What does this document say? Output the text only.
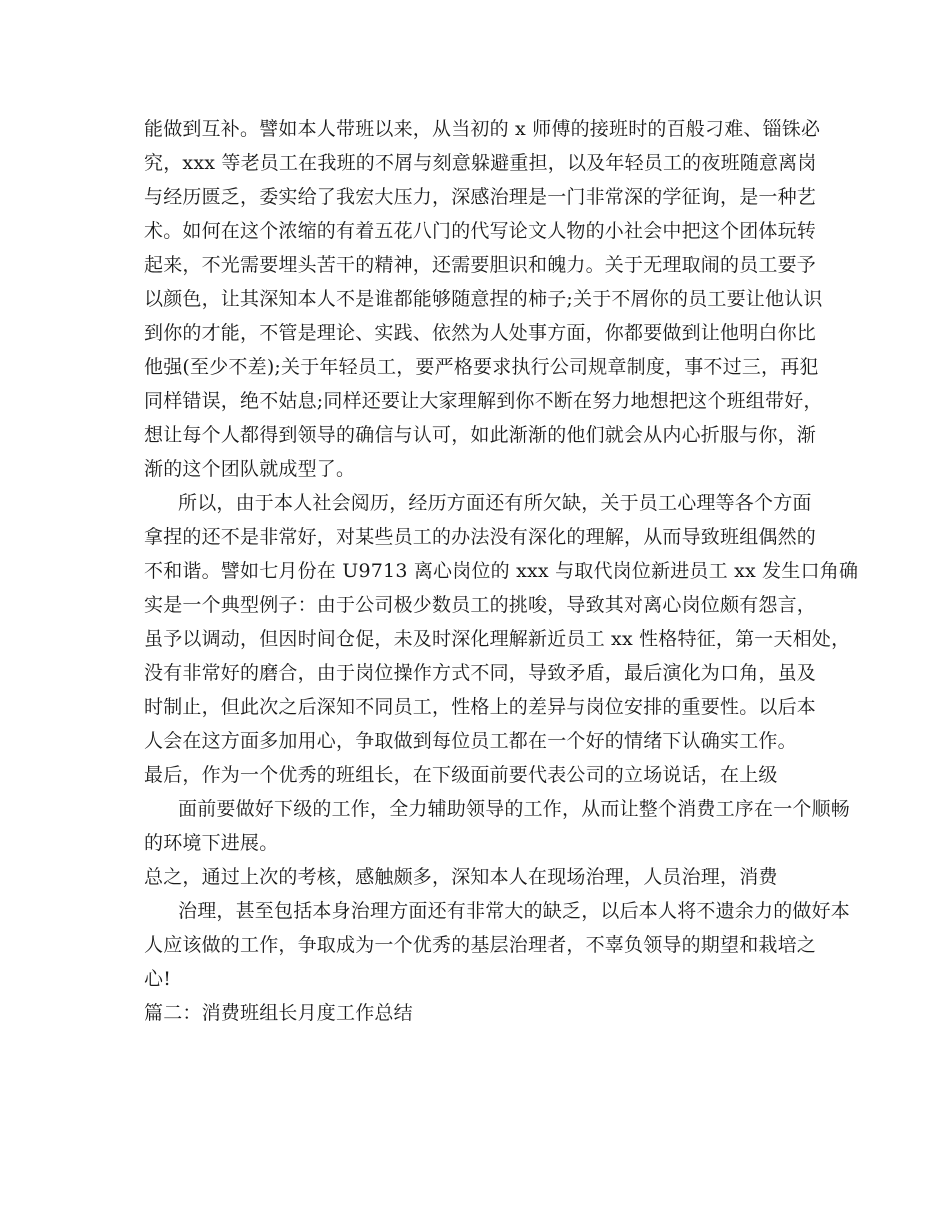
能做到互补。譬如本人带班以来，从当初的 x 师傅的接班时的百般刁难、锱铢必
究，xxx 等老员工在我班的不屑与刻意躲避重担，以及年轻员工的夜班随意离岗
与经历匮乏，委实给了我宏大压力，深感治理是一门非常深的学征询，是一种艺
术。如何在这个浓缩的有着五花八门的代写论文人物的小社会中把这个团体玩转
起来，不光需要埋头苦干的精神，还需要胆识和魄力。关于无理取闹的员工要予
以颜色，让其深知本人不是谁都能够随意捏的柿子;关于不屑你的员工要让他认识
到你的才能，不管是理论、实践、依然为人处事方面，你都要做到让他明白你比
他强(至少不差);关于年轻员工，要严格要求执行公司规章制度，事不过三，再犯
同样错误，绝不姑息;同样还要让大家理解到你不断在努力地想把这个班组带好，
想让每个人都得到领导的确信与认可，如此渐渐的他们就会从内心折服与你，渐
渐的这个团队就成型了。
所以，由于本人社会阅历，经历方面还有所欠缺，关于员工心理等各个方面
拿捏的还不是非常好，对某些员工的办法没有深化的理解，从而导致班组偶然的
不和谐。譬如七月份在 U9713 离心岗位的 xxx 与取代岗位新进员工 xx 发生口角确
实是一个典型例子：由于公司极少数员工的挑唆，导致其对离心岗位颇有怨言，
虽予以调动，但因时间仓促，未及时深化理解新近员工 xx 性格特征，第一天相处，
没有非常好的磨合，由于岗位操作方式不同，导致矛盾，最后演化为口角，虽及
时制止，但此次之后深知不同员工，性格上的差异与岗位安排的重要性。以后本
人会在这方面多加用心，争取做到每位员工都在一个好的情绪下认确实工作。
最后，作为一个优秀的班组长，在下级面前要代表公司的立场说话，在上级
面前要做好下级的工作，全力辅助领导的工作，从而让整个消费工序在一个顺畅
的环境下进展。
总之，通过上次的考核，感触颇多，深知本人在现场治理，人员治理，消费
治理，甚至包括本身治理方面还有非常大的缺乏，以后本人将不遗余力的做好本
人应该做的工作，争取成为一个优秀的基层治理者，不辜负领导的期望和栽培之
心!
篇二：消费班组长月度工作总结
